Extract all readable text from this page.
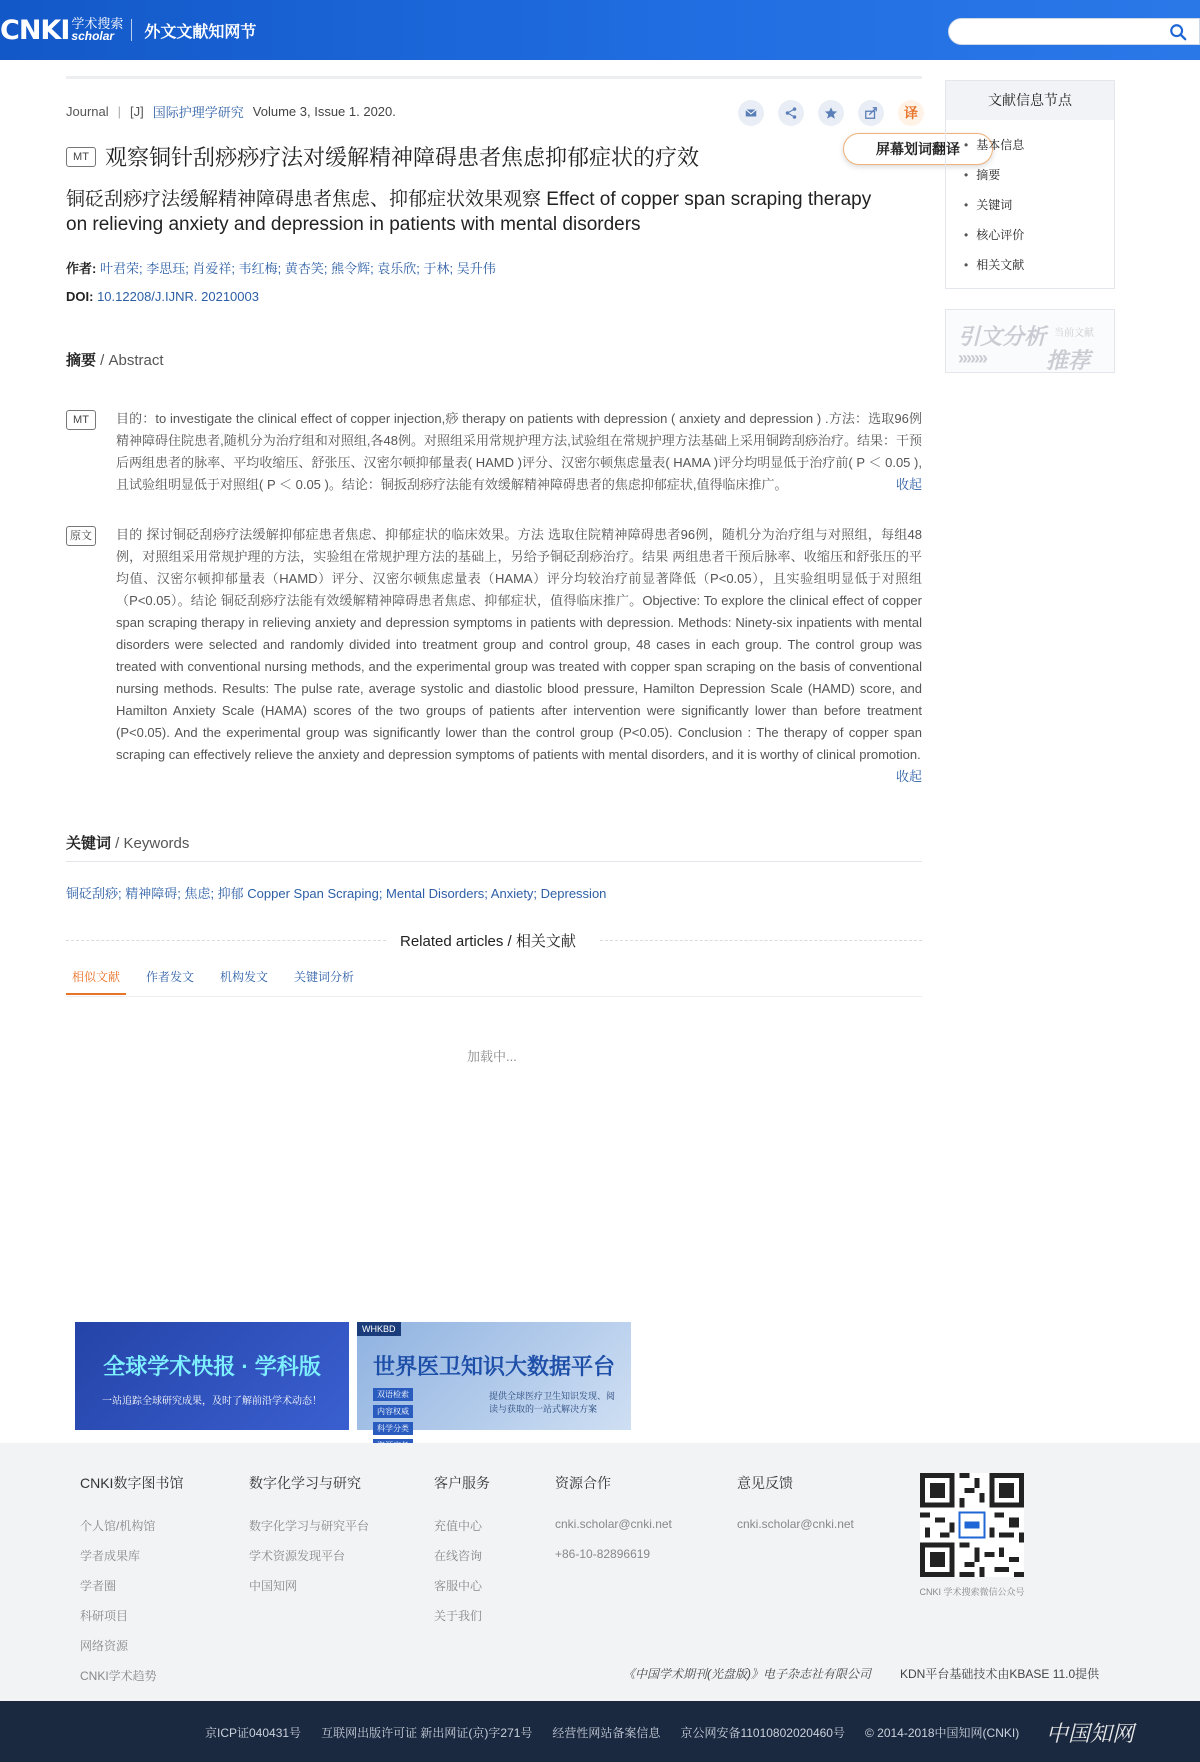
CNKI 学术搜索
scholar	外文文献知网节
Journal | [J] 国际护理学研究 Volume 3, Issue 1. 2020.	译
屏幕划词翻译
MT 观察铜针刮痧痧疗法对缓解精神障碍患者焦虑抑郁症状的疗效
铜砭刮痧疗法缓解精神障碍患者焦虑、抑郁症状效果观察 Effect of copper span scraping therapy on relieving anxiety and depression in patients with mental disorders
作者: 叶君荣; 李思珏; 肖爱祥; 韦红梅; 黄杏笑; 熊令辉; 袁乐欣; 于林; 吴升伟
DOI: 10.12208/J.IJNR. 20210003
摘要 / Abstract
MT	目的：to investigate the clinical effect of copper injection,痧 therapy on patients with depression ( anxiety and depression ) .方法：选取96例精神障碍住院患者,随机分为治疗组和对照组,各48例。对照组采用常规护理方法,试验组在常规护理方法基础上采用铜跨刮痧治疗。结果：干预后两组患者的脉率、平均收缩压、舒张压、汉密尔顿抑郁量表( HAMD )评分、汉密尔顿焦虑量表( HAMA )评分均明显低于治疗前( P ＜ 0.05 ),且试验组明显低于对照组( P ＜ 0.05 )。结论：铜扳刮痧疗法能有效缓解精神障碍患者的焦虑抑郁症状,值得临床推广。	收起
原文	目的 探讨铜砭刮痧疗法缓解抑郁症患者焦虑、抑郁症状的临床效果。方法 选取住院精神障碍患者96例，随机分为治疗组与对照组，每组48例，对照组采用常规护理的方法，实验组在常规护理方法的基础上，另给予铜砭刮痧治疗。结果 两组患者干预后脉率、收缩压和舒张压的平均值、汉密尔顿抑郁量表（HAMD）评分、汉密尔顿焦虑量表（HAMA）评分均较治疗前显著降低（P<0.05），且实验组明显低于对照组（P<0.05）。结论 铜砭刮痧疗法能有效缓解精神障碍患者焦虑、抑郁症状，值得临床推广。Objective: To explore the clinical effect of copper span scraping therapy in relieving anxiety and depression symptoms in patients with depression. Methods: Ninety-six inpatients with mental disorders were selected and randomly divided into treatment group and control group, 48 cases in each group. The control group was treated with conventional nursing methods, and the experimental group was treated with copper span scraping on the basis of conventional nursing methods. Results: The pulse rate, average systolic and diastolic blood pressure, Hamilton Depression Scale (HAMD) score, and Hamilton Anxiety Scale (HAMA) scores of the two groups of patients after intervention were significantly lower than before treatment (P<0.05). And the experimental group was significantly lower than the control group (P<0.05). Conclusion : The therapy of copper span scraping can effectively relieve the anxiety and depression symptoms of patients with mental disorders, and it is worthy of clinical promotion.
收起
关键词 / Keywords
铜砭刮痧; 精神障碍; 焦虑; 抑郁 Copper Span Scraping; Mental Disorders; Anxiety; Depression
Related articles / 相关文献
相似文献	作者发文	机构发文	关键词分析
加载中...
文献信息节点
• 基本信息
• 摘要
• 关键词
• 核心评价
• 相关文献
引文分析 当前文献
›››››››	推荐
全球学术快报 · 学科版
一站追踪全球研究成果，及时了解前沿学术动态！
WHKBD
世界医卫知识大数据平台
双语检索
内容权威
科学分类
提供全球医疗卫生知识发现、阅读与获取的一站式解决方案
CNKI数字图书馆

个人馆/机构馆

学者成果库

学者圈

科研项目

网络资源

CNKI学术趋势

数字化学习与研究

数字化学习与研究平台

学术资源发现平台

中国知网

客户服务

充值中心

在线咨询

客服中心

关于我们

资源合作

cnki.scholar@cnki.net

+86-10-82896619

意见反馈

cnki.scholar@cnki.net

CNKI 学术搜索微信公众号
《中国学术期刊(光盘版)》电子杂志社有限公司 KDN平台基础技术由KBASE 11.0提供
京ICP证040431号 互联网出版许可证 新出网证(京)字271号 经营性网站备案信息 京公网安备11010802020460号 © 2014-2018中国知网(CNKI) 中国知网
